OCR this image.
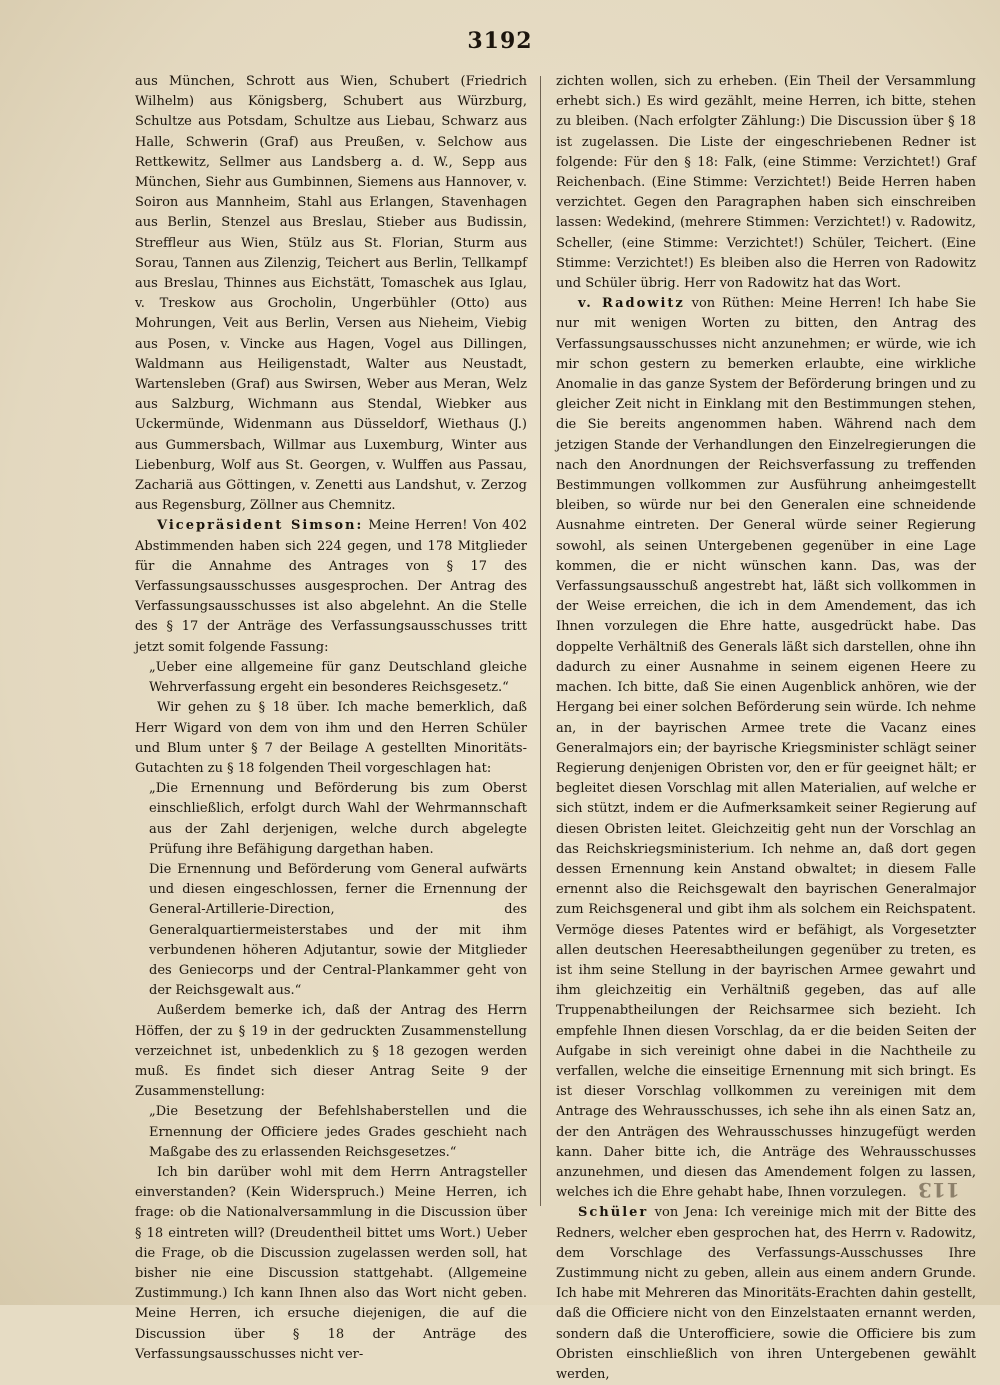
3192

aus München, Schrott aus Wien, Schubert (Friedrich Wilhelm) aus Königsberg, Schubert aus Würzburg, Schultze aus Potsdam, Schultze aus Liebau, Schwarz aus Halle, Schwerin (Graf) aus Preußen, v. Selchow aus Rettkewitz, Sellmer aus Landsberg a. d. W., Sepp aus München, Siehr aus Gumbinnen, Siemens aus Hannover, v. Soiron aus Mannheim, Stahl aus Erlangen, Stavenhagen aus Berlin, Stenzel aus Breslau, Stieber aus Budissin, Streffleur aus Wien, Stülz aus St. Florian, Sturm aus Sorau, Tannen aus Zilenzig, Teichert aus Berlin, Tellkampf aus Breslau, Thinnes aus Eichstätt, Tomaschek aus Iglau, v. Treskow aus Grocholin, Ungerbühler (Otto) aus Mohrungen, Veit aus Berlin, Versen aus Nieheim, Viebig aus Posen, v. Vincke aus Hagen, Vogel aus Dillingen, Waldmann aus Heiligenstadt, Walter aus Neustadt, Wartensleben (Graf) aus Swirsen, Weber aus Meran, Welz aus Salzburg, Wichmann aus Stendal, Wiebker aus Uckermünde, Widenmann aus Düsseldorf, Wiethaus (J.) aus Gummersbach, Willmar aus Luxemburg, Winter aus Liebenburg, Wolf aus St. Georgen, v. Wulffen aus Passau, Zachariä aus Göttingen, v. Zenetti aus Landshut, v. Zerzog aus Regensburg, Zöllner aus Chemnitz.

Vicepräsident Simson: Meine Herren! Von 402 Abstimmenden haben sich 224 gegen, und 178 Mitglieder für die Annahme des Antrages von § 17 des Verfassungsausschusses ausgesprochen. Der Antrag des Verfassungsausschusses ist also abgelehnt. An die Stelle des § 17 der Anträge des Verfassungsausschusses tritt jetzt somit folgende Fassung:

„Ueber eine allgemeine für ganz Deutschland gleiche Wehrverfassung ergeht ein besonderes Reichsgesetz.“

Wir gehen zu § 18 über. Ich mache bemerklich, daß Herr Wigard von dem von ihm und den Herren Schüler und Blum unter § 7 der Beilage A gestellten Minoritäts-Gutachten zu § 18 folgenden Theil vorgeschlagen hat:

„Die Ernennung und Beförderung bis zum Oberst einschließlich, erfolgt durch Wahl der Wehrmannschaft aus der Zahl derjenigen, welche durch abgelegte Prüfung ihre Befähigung dargethan haben.

Die Ernennung und Beförderung vom General aufwärts und diesen eingeschlossen, ferner die Ernennung der General-Artillerie-Direction, des Generalquartiermeisterstabes und der mit ihm verbundenen höheren Adjutantur, sowie der Mitglieder des Geniecorps und der Central-Plankammer geht von der Reichsgewalt aus.“

Außerdem bemerke ich, daß der Antrag des Herrn Höffen, der zu § 19 in der gedruckten Zusammenstellung verzeichnet ist, unbedenklich zu § 18 gezogen werden muß. Es findet sich dieser Antrag Seite 9 der Zusammenstellung:

„Die Besetzung der Befehlshaberstellen und die Ernennung der Officiere jedes Grades geschieht nach Maßgabe des zu erlassenden Reichsgesetzes.“

Ich bin darüber wohl mit dem Herrn Antragsteller einverstanden? (Kein Widerspruch.) Meine Herren, ich frage: ob die Nationalversammlung in die Discussion über § 18 eintreten will? (Dreudentheil bittet ums Wort.) Ueber die Frage, ob die Discussion zugelassen werden soll, hat bisher nie eine Discussion stattgehabt. (Allgemeine Zustimmung.) Ich kann Ihnen also das Wort nicht geben. Meine Herren, ich ersuche diejenigen, die auf die Discussion über § 18 der Anträge des Verfassungsausschusses nicht ver-

zichten wollen, sich zu erheben. (Ein Theil der Versammlung erhebt sich.) Es wird gezählt, meine Herren, ich bitte, stehen zu bleiben. (Nach erfolgter Zählung:) Die Discussion über § 18 ist zugelassen. Die Liste der eingeschriebenen Redner ist folgende: Für den § 18: Falk, (eine Stimme: Verzichtet!) Graf Reichenbach. (Eine Stimme: Verzichtet!) Beide Herren haben verzichtet. Gegen den Paragraphen haben sich einschreiben lassen: Wedekind, (mehrere Stimmen: Verzichtet!) v. Radowitz, Scheller, (eine Stimme: Verzichtet!) Schüler, Teichert. (Eine Stimme: Verzichtet!) Es bleiben also die Herren von Radowitz und Schüler übrig. Herr von Radowitz hat das Wort.

v. Radowitz von Rüthen: Meine Herren! Ich habe Sie nur mit wenigen Worten zu bitten, den Antrag des Verfassungsausschusses nicht anzunehmen; er würde, wie ich mir schon gestern zu bemerken erlaubte, eine wirkliche Anomalie in das ganze System der Beförderung bringen und zu gleicher Zeit nicht in Einklang mit den Bestimmungen stehen, die Sie bereits angenommen haben. Während nach dem jetzigen Stande der Verhandlungen den Einzelregierungen die nach den Anordnungen der Reichsverfassung zu treffenden Bestimmungen vollkommen zur Ausführung anheimgestellt bleiben, so würde nur bei den Generalen eine schneidende Ausnahme eintreten. Der General würde seiner Regierung sowohl, als seinen Untergebenen gegenüber in eine Lage kommen, die er nicht wünschen kann. Das, was der Verfassungsausschuß angestrebt hat, läßt sich vollkommen in der Weise erreichen, die ich in dem Amendement, das ich Ihnen vorzulegen die Ehre hatte, ausgedrückt habe. Das doppelte Verhältniß des Generals läßt sich darstellen, ohne ihn dadurch zu einer Ausnahme in seinem eigenen Heere zu machen. Ich bitte, daß Sie einen Augenblick anhören, wie der Hergang bei einer solchen Beförderung sein würde. Ich nehme an, in der bayrischen Armee trete die Vacanz eines Generalmajors ein; der bayrische Kriegsminister schlägt seiner Regierung denjenigen Obristen vor, den er für geeignet hält; er begleitet diesen Vorschlag mit allen Materialien, auf welche er sich stützt, indem er die Aufmerksamkeit seiner Regierung auf diesen Obristen leitet. Gleichzeitig geht nun der Vorschlag an das Reichskriegsministerium. Ich nehme an, daß dort gegen dessen Ernennung kein Anstand obwaltet; in diesem Falle ernennt also die Reichsgewalt den bayrischen Generalmajor zum Reichsgeneral und gibt ihm als solchem ein Reichspatent. Vermöge dieses Patentes wird er befähigt, als Vorgesetzter allen deutschen Heeresabtheilungen gegenüber zu treten, es ist ihm seine Stellung in der bayrischen Armee gewahrt und ihm gleichzeitig ein Verhältniß gegeben, das auf alle Truppenabtheilungen der Reichsarmee sich bezieht. Ich empfehle Ihnen diesen Vorschlag, da er die beiden Seiten der Aufgabe in sich vereinigt ohne dabei in die Nachtheile zu verfallen, welche die einseitige Ernennung mit sich bringt. Es ist dieser Vorschlag vollkommen zu vereinigen mit dem Antrage des Wehrausschusses, ich sehe ihn als einen Satz an, der den Anträgen des Wehrausschusses hinzugefügt werden kann. Daher bitte ich, die Anträge des Wehrausschusses anzunehmen, und diesen das Amendement folgen zu lassen, welches ich die Ehre gehabt habe, Ihnen vorzulegen.

Schüler von Jena: Ich vereinige mich mit der Bitte des Redners, welcher eben gesprochen hat, des Herrn v. Radowitz, dem Vorschlage des Verfassungs-Ausschusses Ihre Zustimmung nicht zu geben, allein aus einem andern Grunde. Ich habe mit Mehreren das Minoritäts-Erachten dahin gestellt, daß die Officiere nicht von den Einzelstaaten ernannt werden, sondern daß die Unterofficiere, sowie die Officiere bis zum Obristen einschließlich von ihren Untergebenen gewählt werden,

113
